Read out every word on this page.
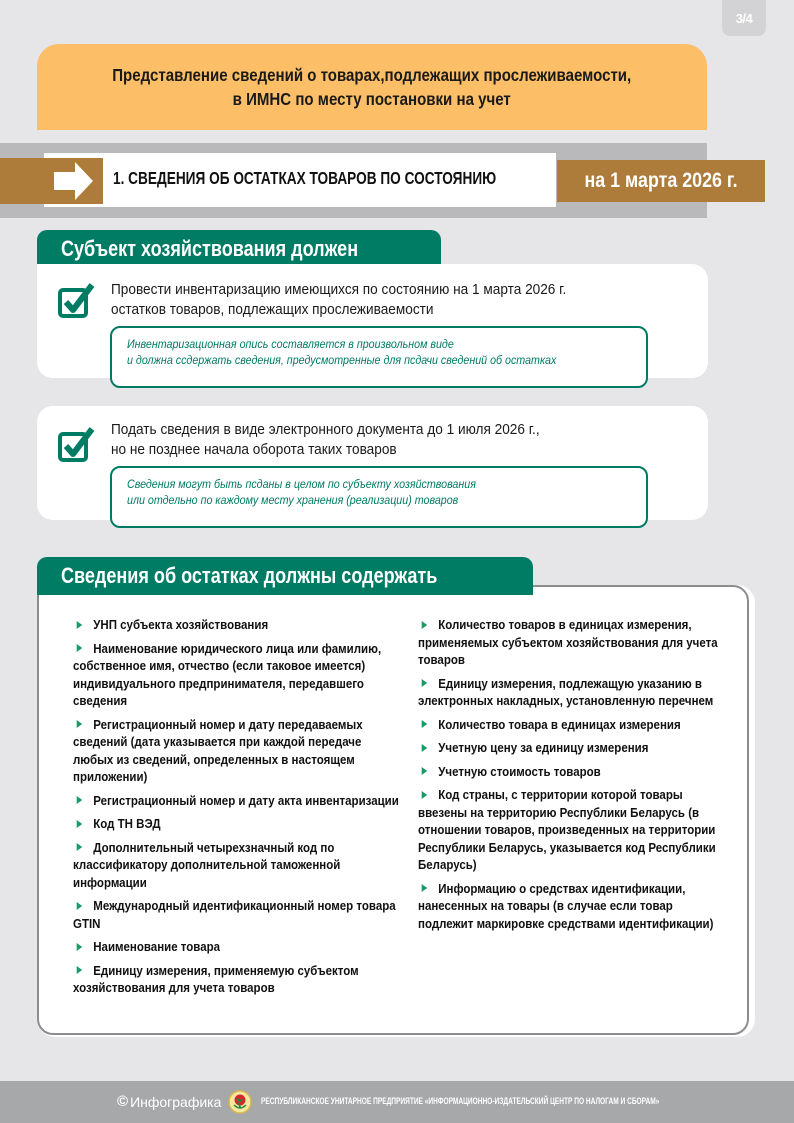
3/4
Представление сведений о товарах,подлежащих прослеживаемости,
в ИМНС по месту постановки на учет
1. СВЕДЕНИЯ ОБ ОСТАТКАХ ТОВАРОВ ПО СОСТОЯНИЮ	на 1 марта 2026 г.
Субъект хозяйствования должен
Провести инвентаризацию имеющихся по состоянию на 1 марта 2026 г.
остатков товаров, подлежащих прослеживаемости
Инвентаризационная опись составляется в произвольном виде
и должна сcдержать сведения, предусмотренные для пcдачи сведений об остатках
Подать сведения в виде электронного документа до 1 июля 2026 г.,
но не позднее начала оборота таких товаров
Сведения могут быть пcданы в целом по субъекту хозяйствования
или отдельно по каждому месту хранения (реализации) товаров
Сведения об остатках должны содержать
УНП субъекта хозяйствования
Наименование юридического лица или фамилию, собственное имя, отчество (если таковое имеется) индивидуального предпринимателя, передавшего сведения
Регистрационный номер и дату передаваемых сведений (дата указывается при каждой передаче любых из сведений, определенных в настоящем приложении)
Регистрационный номер и дату акта инвентаризации
Код ТН ВЭД
Дополнительный четырехзначный код по классификатору дополнительной таможенной информации
Международный идентификационный номер товара GTIN
Наименование товара
Единицу измерения, применяемую субъектом хозяйствования для учета товаров
Количество товаров в единицах измерения, применяемых субъектом хозяйствования для учета товаров
Единицу измерения, подлежащую указанию в электронных накладных, установленную перечнем
Количество товара в единицах измерения
Учетную цену за единицу измерения
Учетную стоимость товаров
Код страны, с территории которой товары ввезены на территорию Республики Беларусь (в отношении товаров, произведенных на территории Республики Беларусь, указывается код Республики Беларусь)
Информацию о средствах идентификации, нанесенных на товары (в случае если товар подлежит маркировке средствами идентификации)
© Инфографика	РЕСПУБЛИКАНСКОЕ УНИТАРНОЕ ПРЕДПРИЯТИЕ «ИНФОРМАЦИОННО-ИЗДАТЕЛЬСКИЙ ЦЕНТР ПО НАЛОГАМ И СБОРАМ»
